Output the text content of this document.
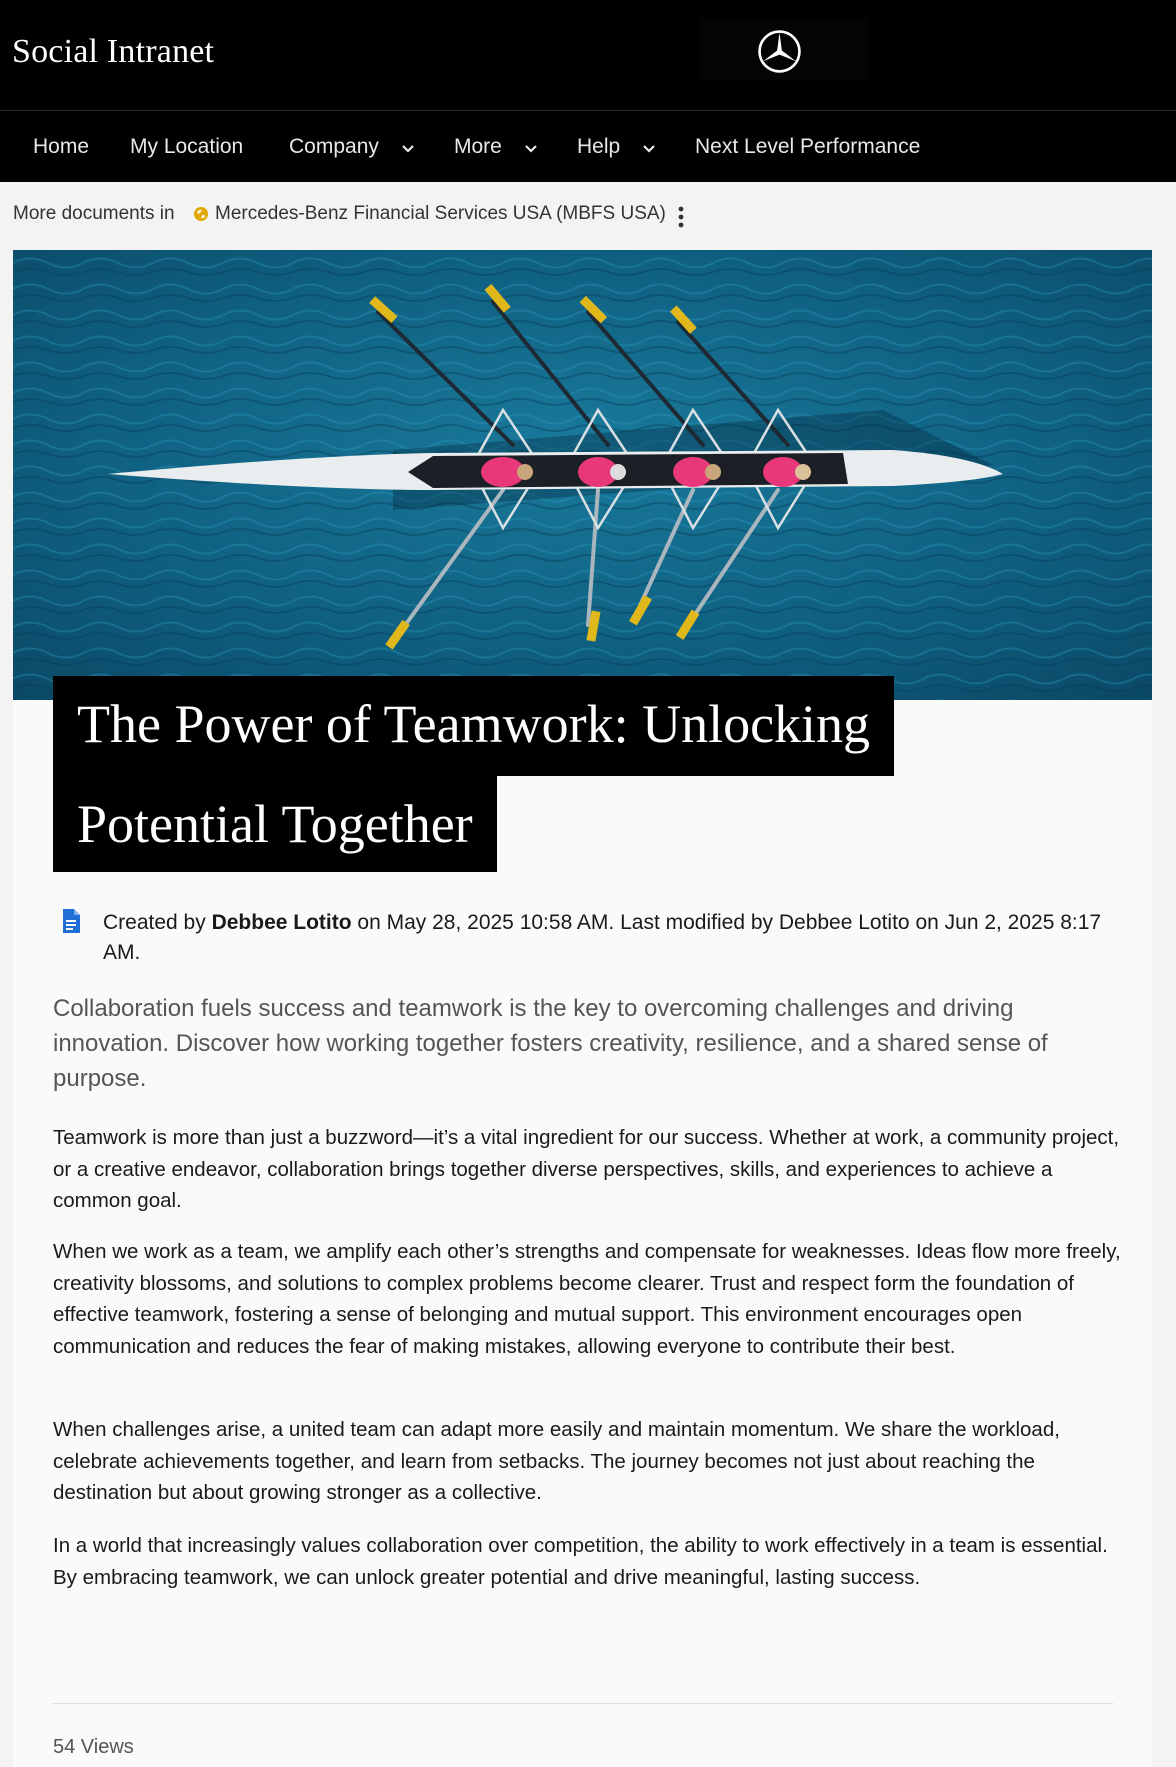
Social Intranet
Home My Location Company	More	Help	Next Level Performance
More documents in Mercedes-Benz Financial Services USA (MBFS USA)
The Power of Teamwork: Unlocking
Potential Together
Created by Debbee Lotito on May 28, 2025 10:58 AM. Last modified by Debbee Lotito on Jun 2, 2025 8:17 AM.
Collaboration fuels success and teamwork is the key to overcoming challenges and driving innovation. Discover how working together fosters creativity, resilience, and a shared sense of purpose.
Teamwork is more than just a buzzword—it’s a vital ingredient for our success. Whether at work, a community project, or a creative endeavor, collaboration brings together diverse perspectives, skills, and experiences to achieve a common goal.
When we work as a team, we amplify each other’s strengths and compensate for weaknesses. Ideas flow more freely, creativity blossoms, and solutions to complex problems become clearer. Trust and respect form the foundation of effective teamwork, fostering a sense of belonging and mutual support. This environment encourages open communication and reduces the fear of making mistakes, allowing everyone to contribute their best.
When challenges arise, a united team can adapt more easily and maintain momentum. We share the workload, celebrate achievements together, and learn from setbacks. The journey becomes not just about reaching the destination but about growing stronger as a collective.
In a world that increasingly values collaboration over competition, the ability to work effectively in a team is essential. By embracing teamwork, we can unlock greater potential and drive meaningful, lasting success.
54 Views
